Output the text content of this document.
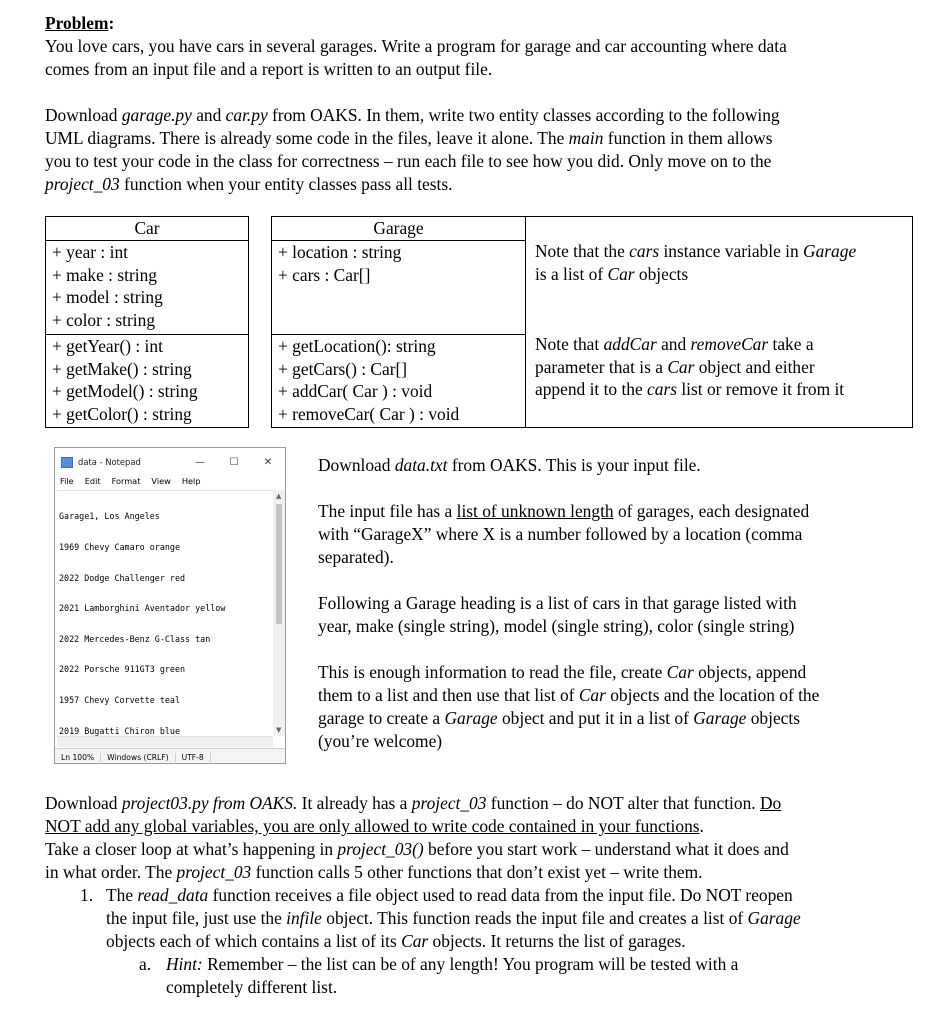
Problem:
You love cars, you have cars in several garages. Write a program for garage and car accounting where data
comes from an input file and a report is written to an output file.
Download garage.py and car.py from OAKS. In them, write two entity classes according to the following
UML diagrams. There is already some code in the files, leave it alone. The main function in them allows
you to test your code in the class for correctness – run each file to see how you did. Only move on to the
project_03 function when your entity classes pass all tests.
Car
+ year : int
+ make : string
+ model : string
+ color : string
+ getYear() : int
+ getMake() : string
+ getModel() : string
+ getColor() : string
Garage
+ location : string
+ cars : Car[]
+ getLocation(): string
+ getCars() : Car[]
+ addCar( Car ) : void
+ removeCar( Car ) : void
Note that the cars instance variable in Garage
is a list of Car objects
Note that addCar and removeCar take a
parameter that is a Car object and either
append it to the cars list or remove it from it
data - Notepad	—	☐	✕
File Edit Format View Help

Garage1, Los Angeles

1969 Chevy Camaro orange

2022 Dodge Challenger red

2021 Lamborghini Aventador yellow

2022 Mercedes-Benz G-Class tan

2022 Porsche 911GT3 green

1957 Chevy Corvette teal

2019 Bugatti Chiron blue

▲
▼
Ln 100%	Windows (CRLF)	UTF-8
Download data.txt from OAKS. This is your input file.
The input file has a list of unknown length of garages, each designated
with “GarageX” where X is a number followed by a location (comma
separated).
Following a Garage heading is a list of cars in that garage listed with
year, make (single string), model (single string), color (single string)
This is enough information to read the file, create Car objects, append
them to a list and then use that list of Car objects and the location of the
garage to create a Garage object and put it in a list of Garage objects
(you’re welcome)
Download project03.py from OAKS. It already has a project_03 function – do NOT alter that function. Do
NOT add any global variables, you are only allowed to write code contained in your functions.
Take a closer loop at what’s happening in project_03() before you start work – understand what it does and
in what order. The project_03 function calls 5 other functions that don’t exist yet – write them.
1. The read_data function receives a file object used to read data from the input file. Do NOT reopen
the input file, just use the infile object. This function reads the input file and creates a list of Garage
objects each of which contains a list of its Car objects. It returns the list of garages.
a. Hint: Remember – the list can be of any length! You program will be tested with a
completely different list.
